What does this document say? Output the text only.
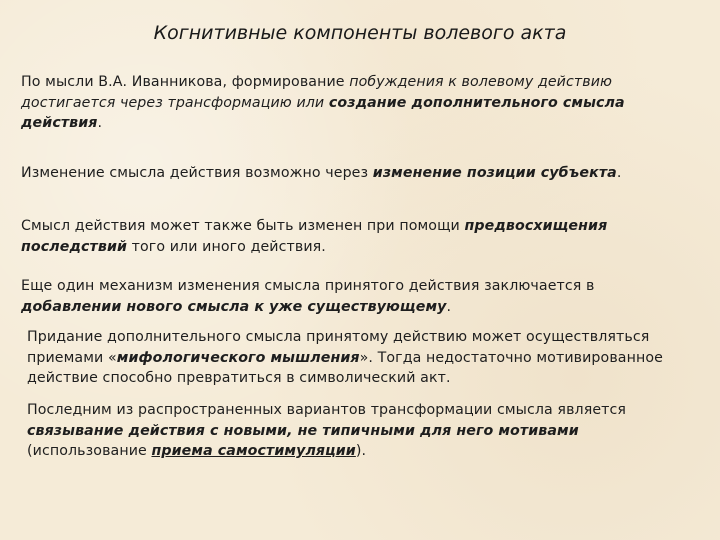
Когнитивные компоненты волевого акта
По мысли В.А. Иванникова, формирование побуждения к волевому действию достигается через трансформацию или создание дополнительного смысла действия.
Изменение смысла действия возможно через изменение позиции субъекта.
Смысл действия может также быть изменен при помощи предвосхищения последствий того или иного действия.
Еще один механизм изменения смысла принятого действия заключается в добавлении нового смысла к уже существующему.
Придание дополнительного смысла принятому действию может осуществляться приемами «мифологического мышления». Тогда недостаточно мотивированное действие способно превратиться в символический акт.
Последним из распространенных вариантов трансформации смысла является связывание действия с новыми, не типичными для него мотивами (использование приема самостимуляции).
